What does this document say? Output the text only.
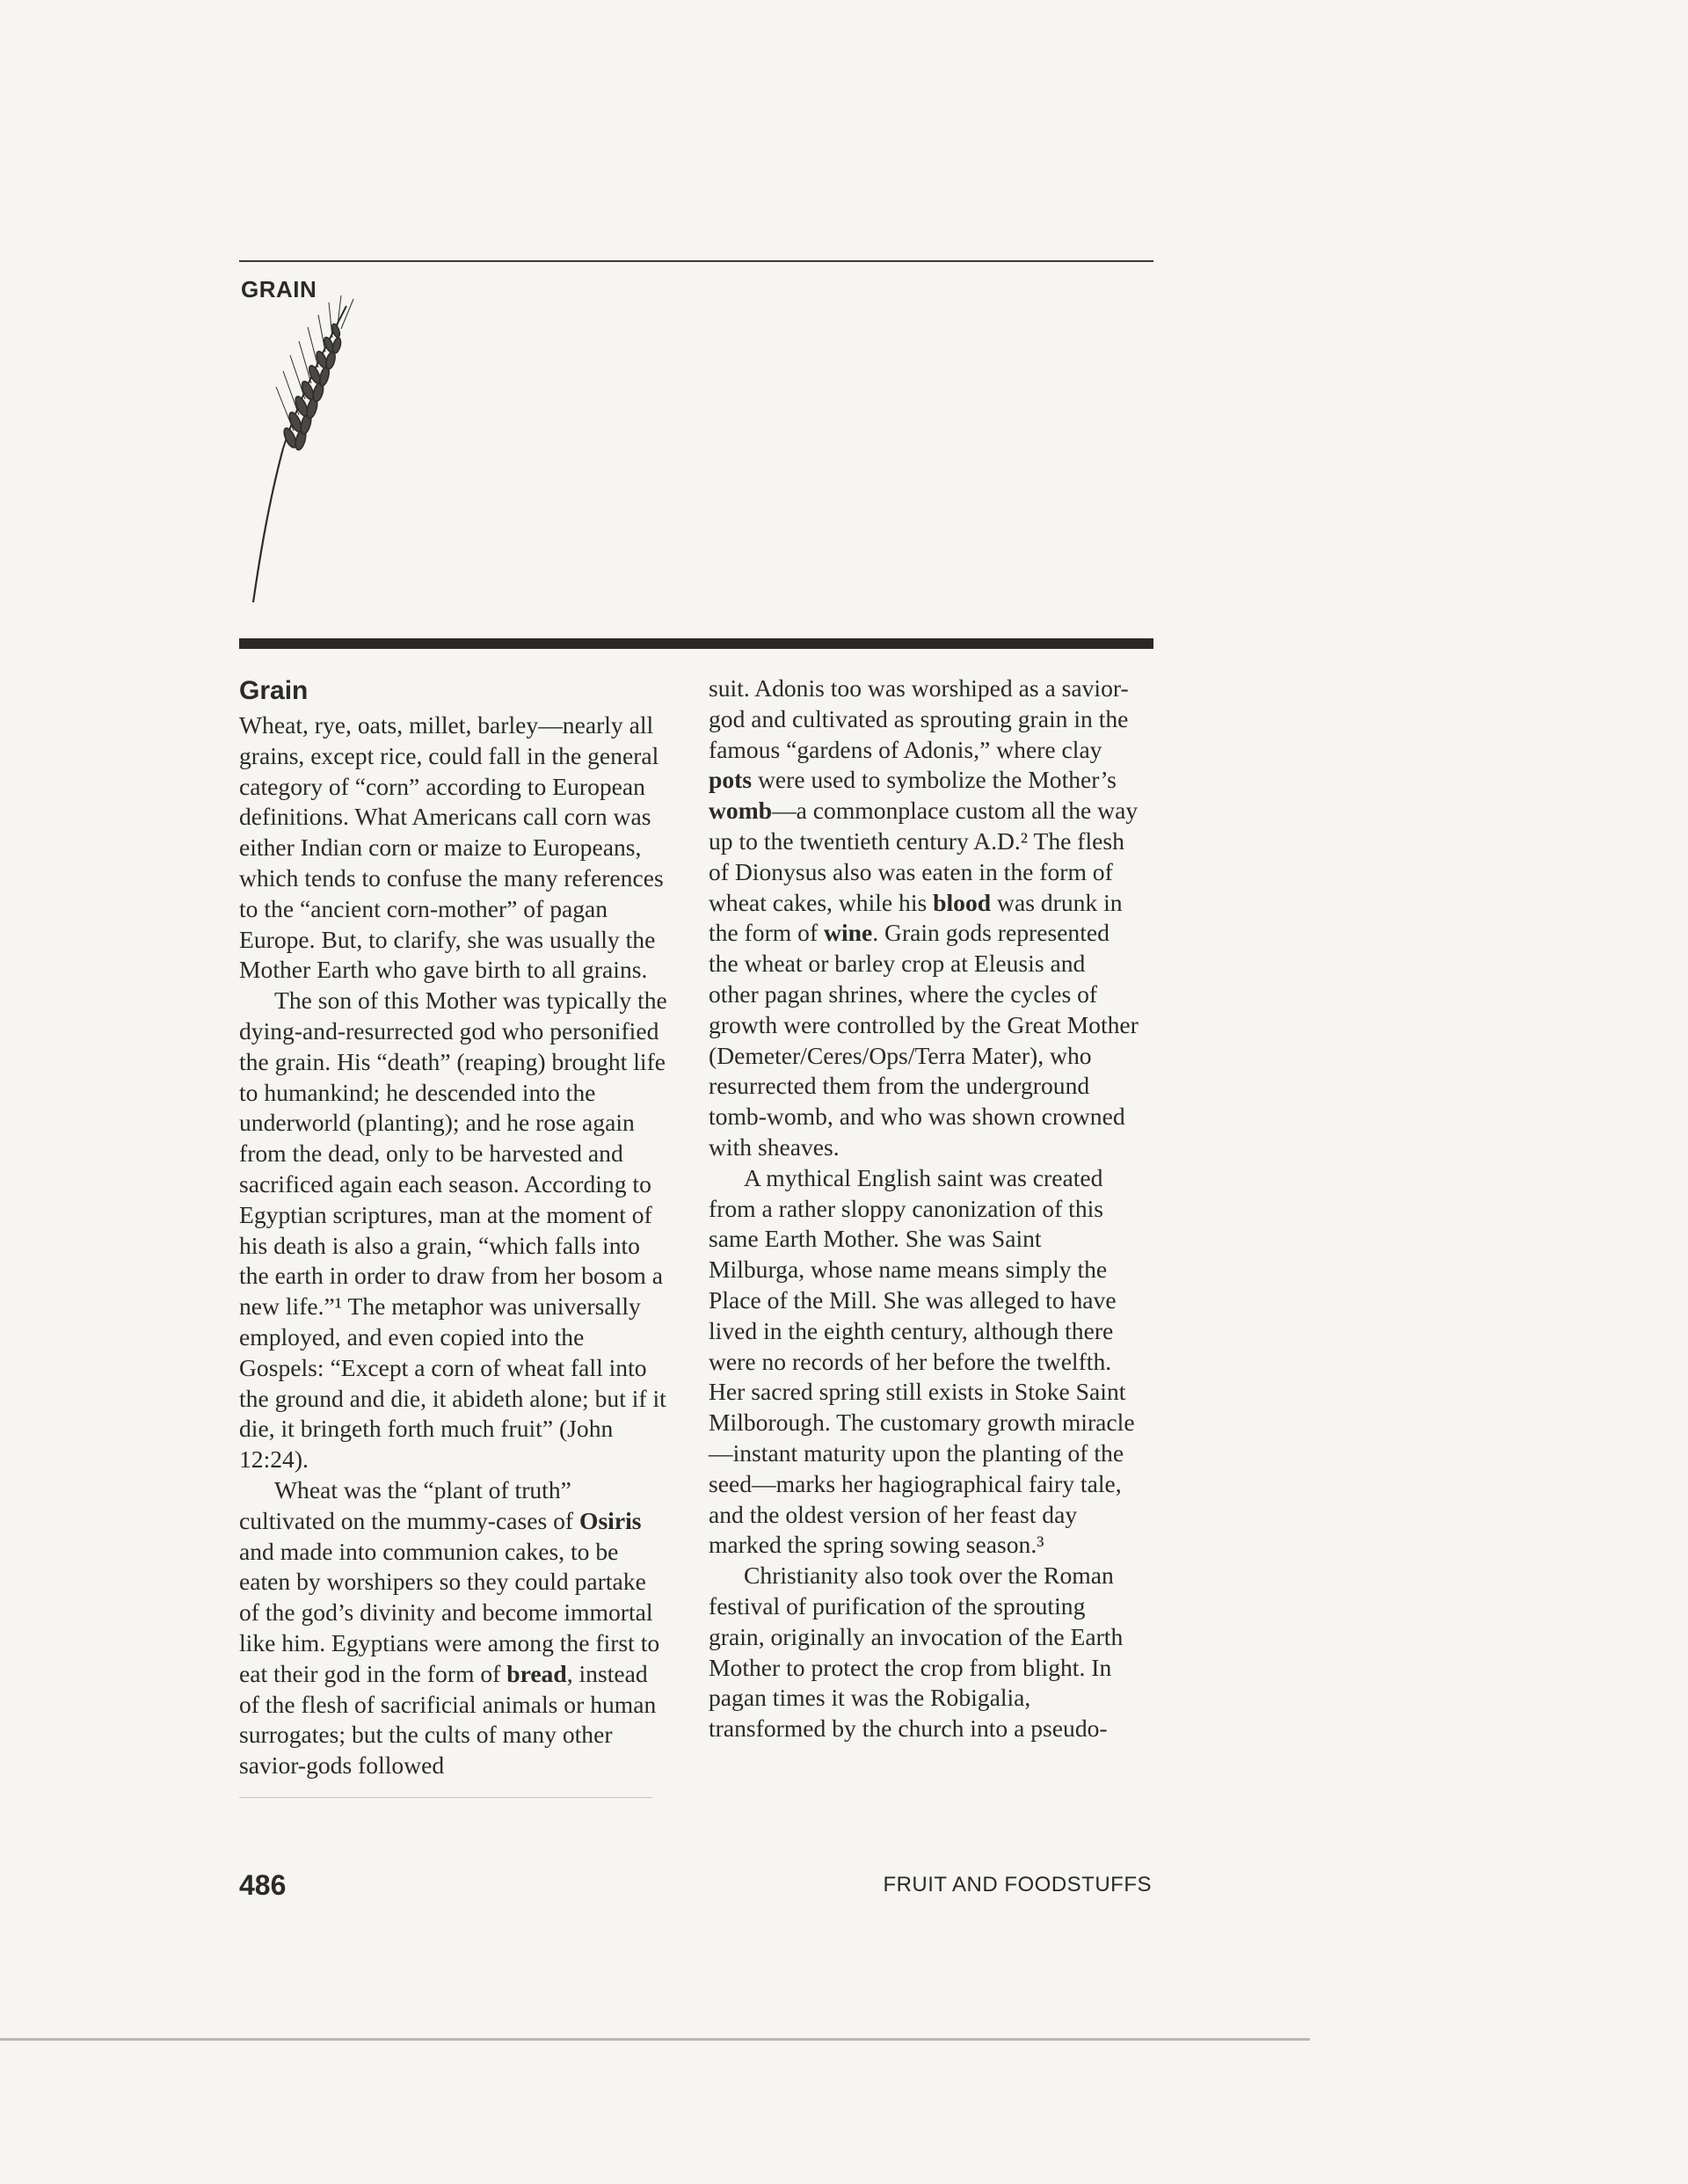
GRAIN
Grain

Wheat, rye, oats, millet, barley—nearly all grains, except rice, could fall in the general category of “corn” according to European definitions. What Americans call corn was either Indian corn or maize to Europeans, which tends to confuse the many references to the “ancient corn-mother” of pagan Europe. But, to clarify, she was usually the Mother Earth who gave birth to all grains.

The son of this Mother was typically the dying-and-resurrected god who personified the grain. His “death” (reaping) brought life to humankind; he descended into the underworld (planting); and he rose again from the dead, only to be harvested and sacrificed again each season. According to Egyptian scriptures, man at the moment of his death is also a grain, “which falls into the earth in order to draw from her bosom a new life.”¹ The metaphor was universally employed, and even copied into the Gospels: “Except a corn of wheat fall into the ground and die, it abideth alone; but if it die, it bringeth forth much fruit” (John 12:24).

Wheat was the “plant of truth” cultivated on the mummy-cases of Osiris and made into communion cakes, to be eaten by worshipers so they could partake of the god’s divinity and become immortal like him. Egyptians were among the first to eat their god in the form of bread, instead of the flesh of sacrificial animals or human surrogates; but the cults of many other savior-gods followed

suit. Adonis too was worshiped as a savior-god and cultivated as sprouting grain in the famous “gardens of Adonis,” where clay pots were used to symbolize the Mother’s womb—a commonplace custom all the way up to the twentieth century A.D.² The flesh of Dionysus also was eaten in the form of wheat cakes, while his blood was drunk in the form of wine. Grain gods represented the wheat or barley crop at Eleusis and other pagan shrines, where the cycles of growth were controlled by the Great Mother (Demeter/Ceres/Ops/Terra Mater), who resurrected them from the underground tomb-womb, and who was shown crowned with sheaves.

A mythical English saint was created from a rather sloppy canonization of this same Earth Mother. She was Saint Milburga, whose name means simply the Place of the Mill. She was alleged to have lived in the eighth century, although there were no records of her before the twelfth. Her sacred spring still exists in Stoke Saint Milborough. The customary growth miracle—instant maturity upon the planting of the seed—marks her hagiographical fairy tale, and the oldest version of her feast day marked the spring sowing season.³

Christianity also took over the Roman festival of purification of the sprouting grain, originally an invocation of the Earth Mother to protect the crop from blight. In pagan times it was the Robigalia, transformed by the church into a pseudo-

486	FRUIT AND FOODSTUFFS
